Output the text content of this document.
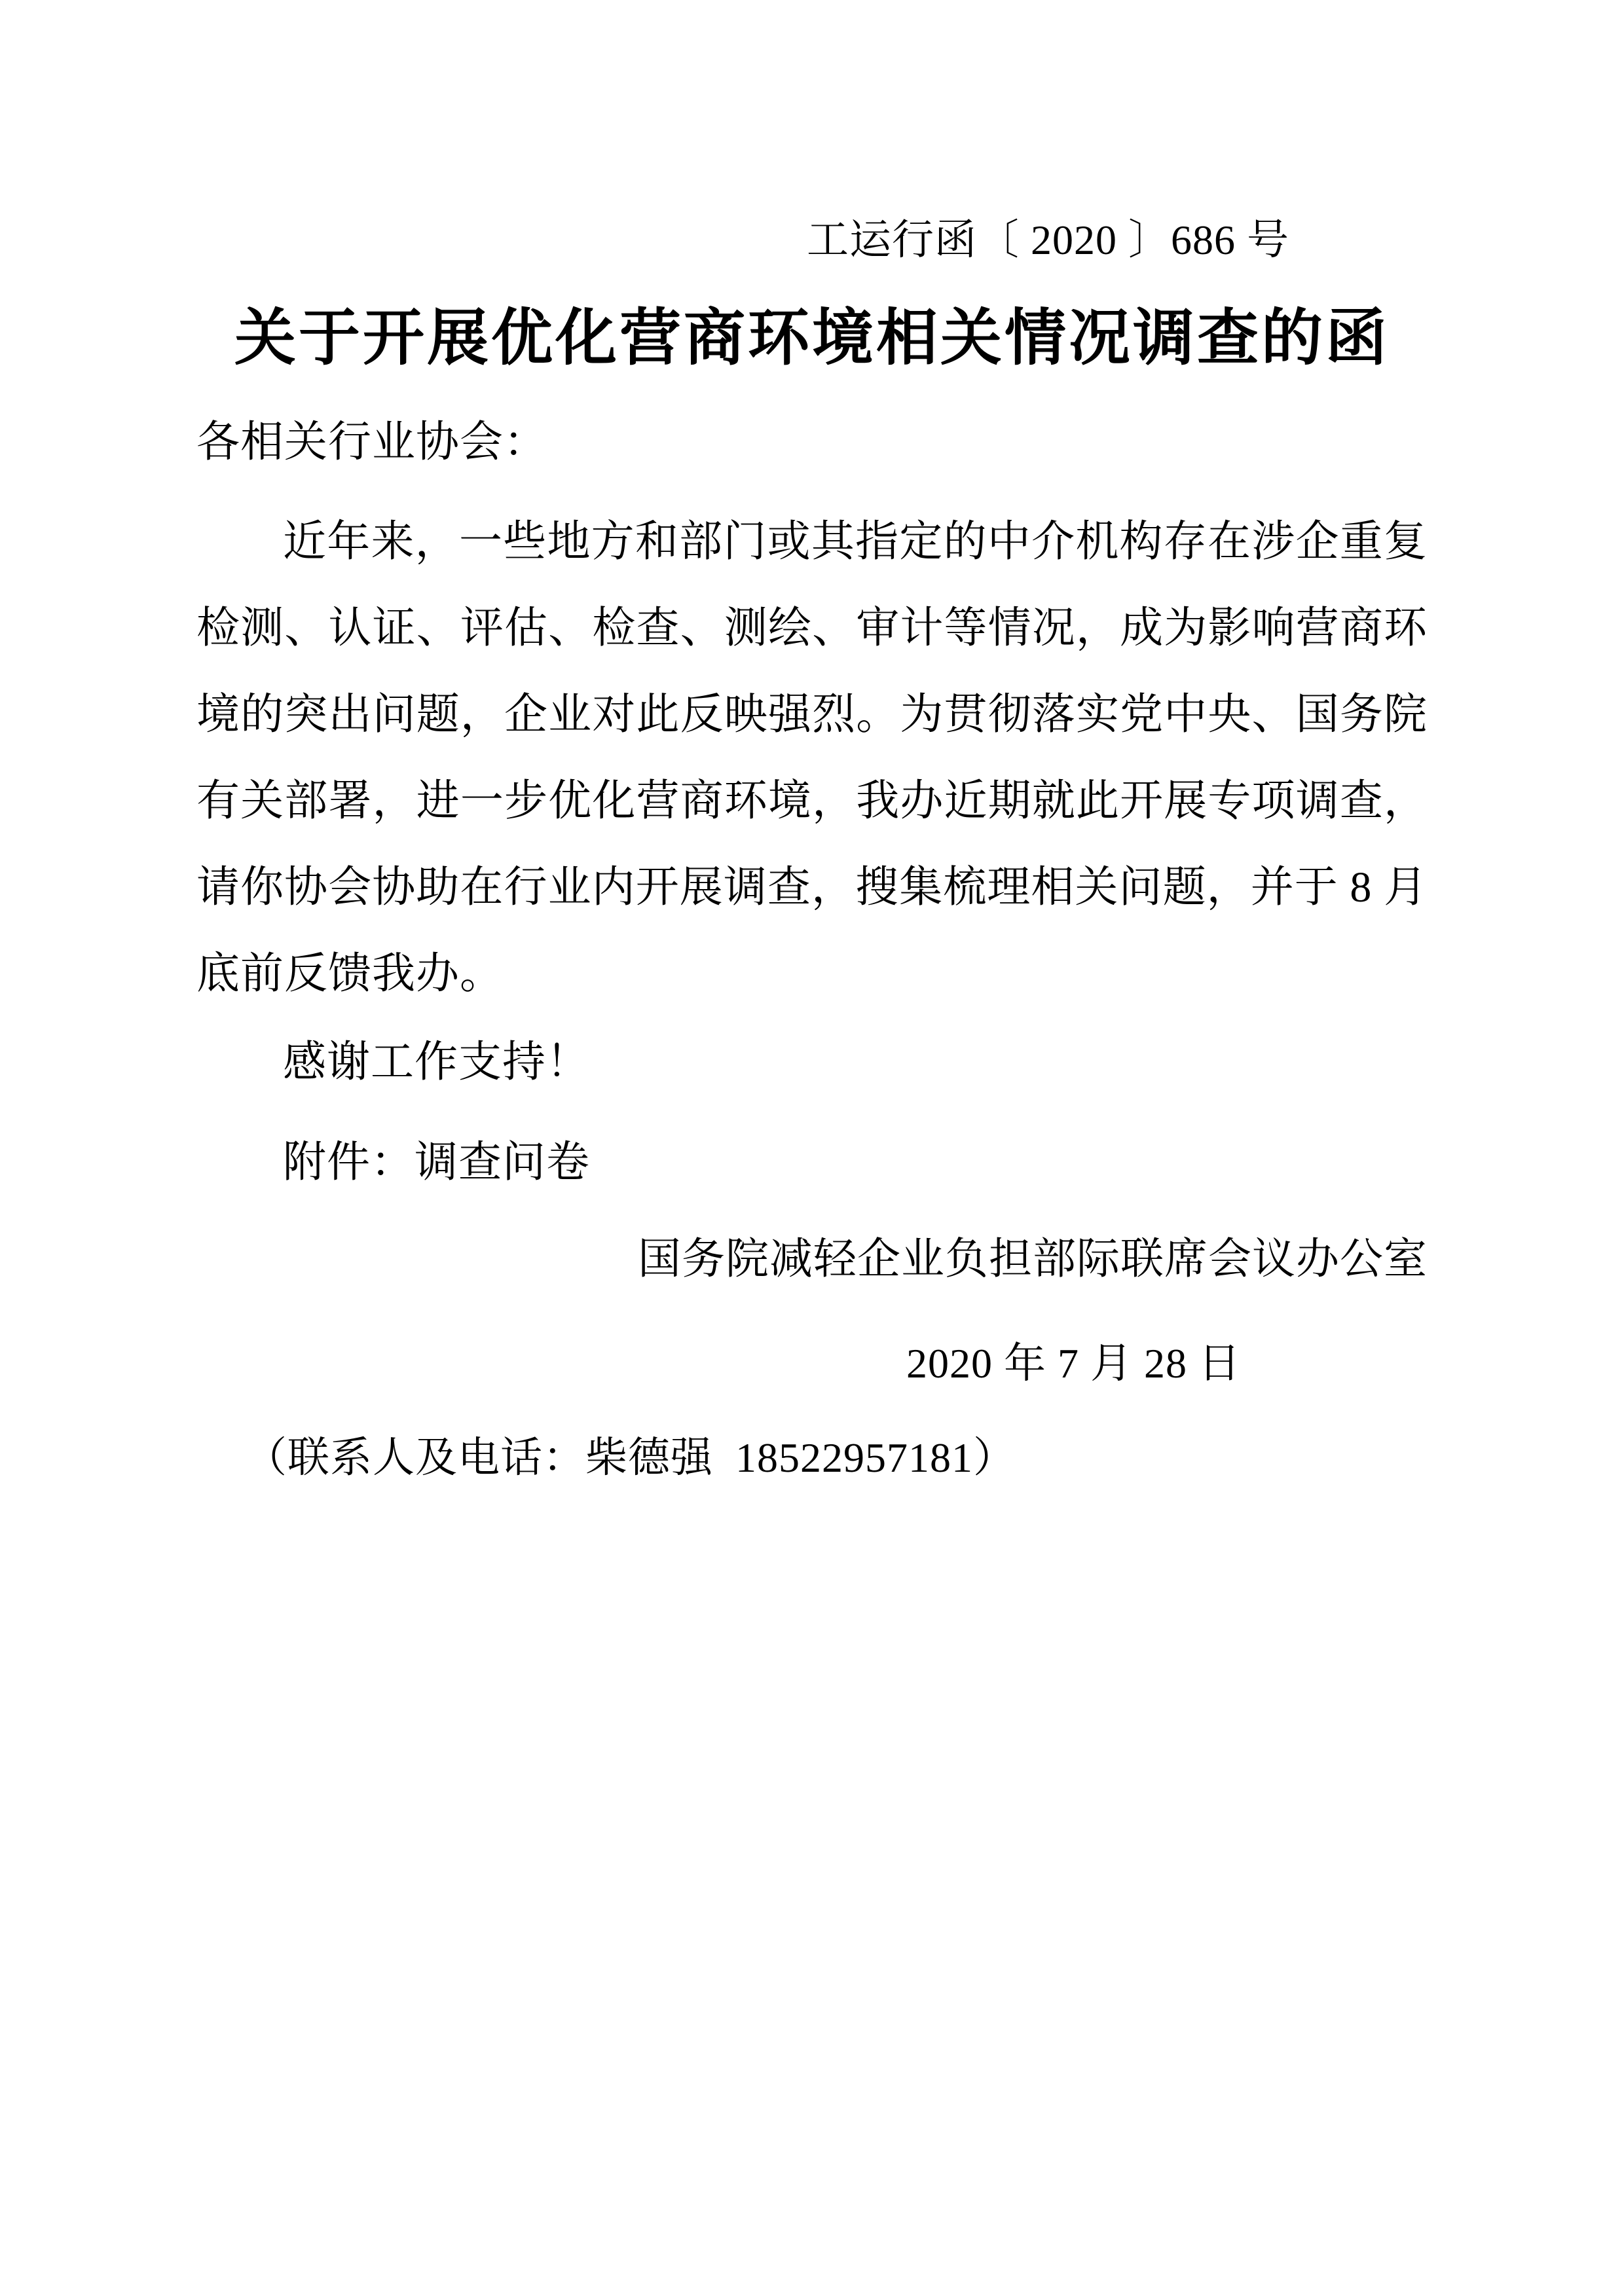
工运行函〔 2020 〕686 号
关于开展优化营商环境相关情况调查的函
各相关行业协会：

近年来，一些地方和部门或其指定的中介机构存在涉企重复检测、认证、评估、检查、测绘、审计等情况，成为影响营商环境的突出问题，企业对此反映强烈。为贯彻落实党中央、国务院有关部署，进一步优化营商环境，我办近期就此开展专项调查，请你协会协助在行业内开展调查，搜集梳理相关问题，并于 8 月底前反馈我办。

感谢工作支持！
附件：调查问卷
国务院减轻企业负担部际联席会议办公室
2020 年 7 月 28 日
（联系人及电话：柴德强  18522957181）
